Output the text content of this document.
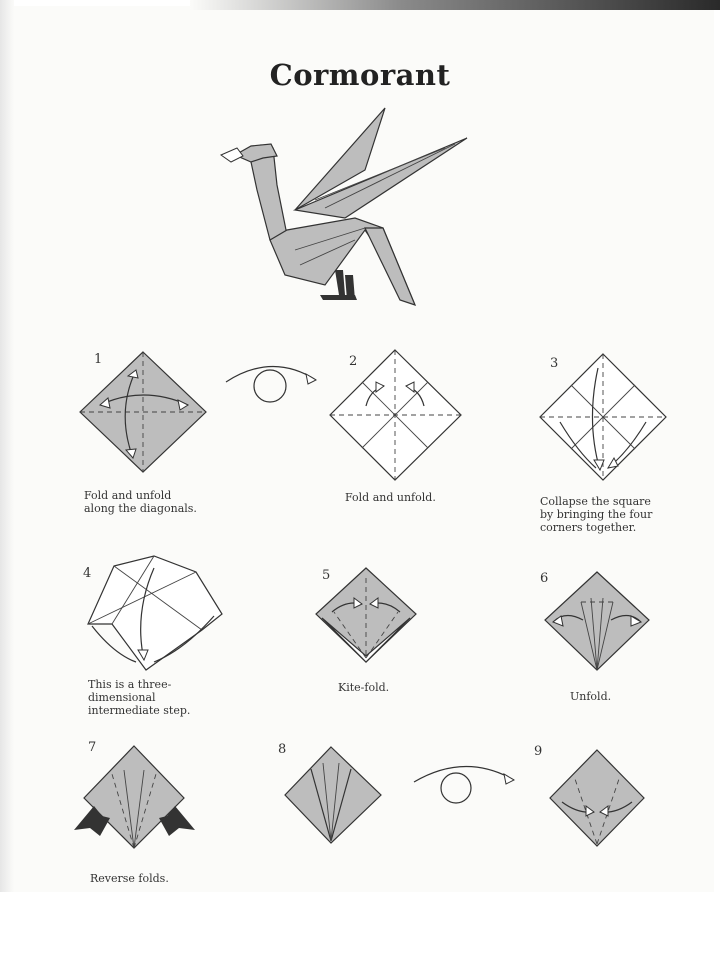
Cormorant
1
Fold and unfold
along the diagonals.
2
Fold and unfold.
3
Collapse the square
by bringing the four
corners together.
4
This is a three-
dimensional
intermediate step.
5
Kite-fold.
6
Unfold.
7
Reverse folds.
8	9
